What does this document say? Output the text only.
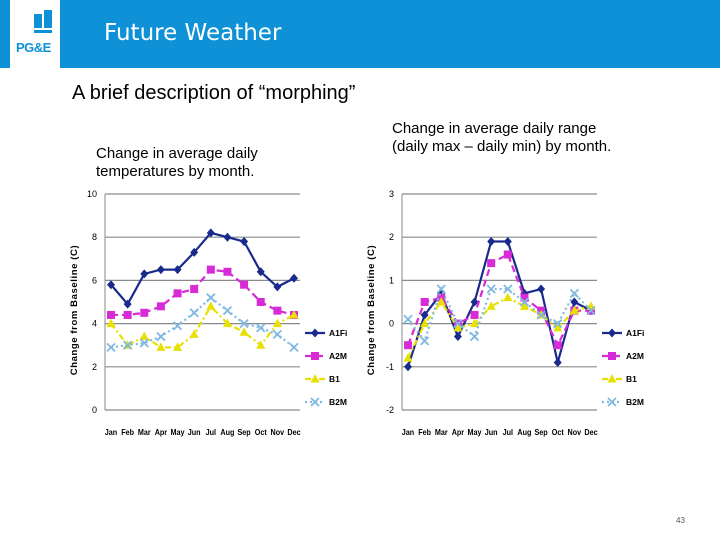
PG&E
Future Weather
A brief description of “morphing”
Change in average daily temperatures by month.
Change in average daily range (daily max – daily min) by month.
0
2
4
6
8
10
Change from Baseline (C)
Jan Feb Mar Apr May Jun Jul Aug Sep Oct Nov Dec
A1Fi
A2M
B1
B2M
-2
-1
0
1
2
3
Change from Baseline (C)
Jan Feb Mar Apr May Jun Jul Aug Sep Oct Nov Dec
A1Fi
A2M
B1
B2M
43
